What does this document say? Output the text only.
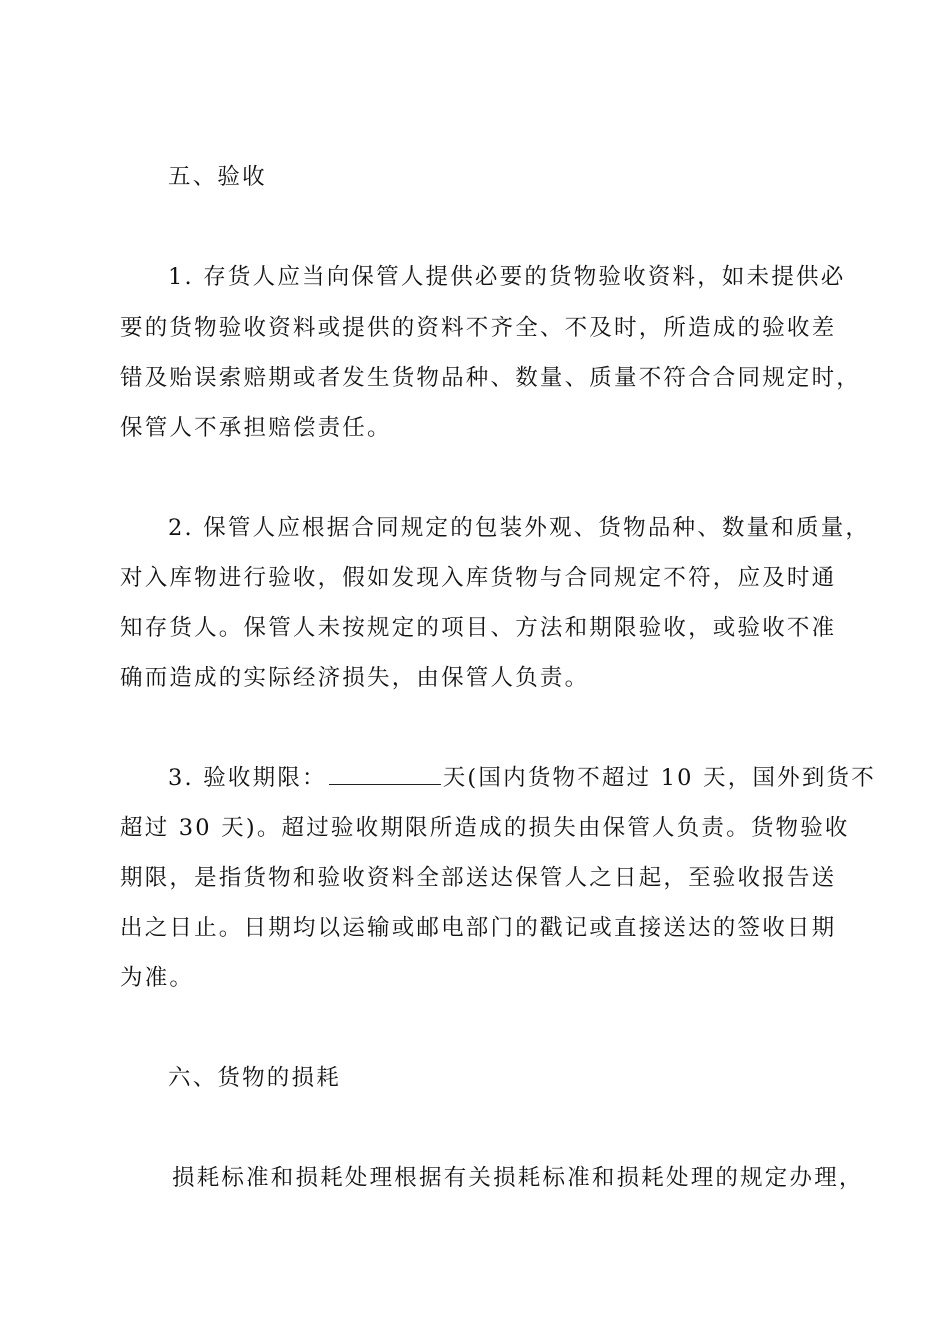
五、验收
1. 存货人应当向保管人提供必要的货物验收资料，如未提供必
要的货物验收资料或提供的资料不齐全、不及时，所造成的验收差
错及贻误索赔期或者发生货物品种、数量、质量不符合合同规定时，
保管人不承担赔偿责任。
2. 保管人应根据合同规定的包装外观、货物品种、数量和质量，
对入库物进行验收，假如发现入库货物与合同规定不符，应及时通
知存货人。保管人未按规定的项目、方法和期限验收，或验收不准
确而造成的实际经济损失，由保管人负责。
3. 验收期限：	天(国内货物不超过 10 天，国外到货不
超过 30 天)。超过验收期限所造成的损失由保管人负责。货物验收
期限，是指货物和验收资料全部送达保管人之日起，至验收报告送
出之日止。日期均以运输或邮电部门的戳记或直接送达的签收日期
为准。
六、货物的损耗
损耗标准和损耗处理根据有关损耗标准和损耗处理的规定办理，
